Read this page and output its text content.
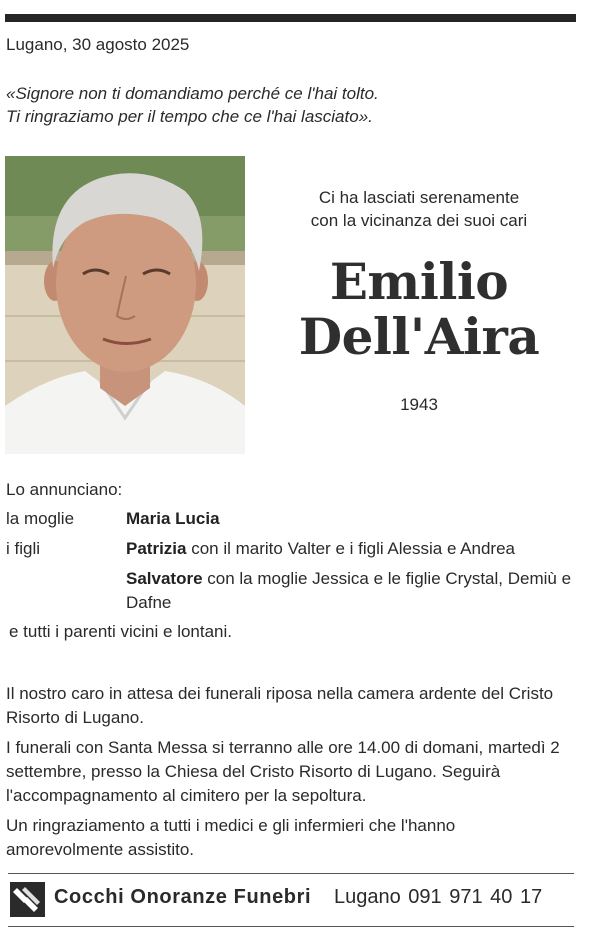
Lugano, 30 agosto 2025
«Signore non ti domandiamo perché ce l'hai tolto.
Ti ringraziamo per il tempo che ce l'hai lasciato».
Ci ha lasciati serenamente
con la vicinanza dei suoi cari
Emilio
Dell'Aira
1943
Lo annunciano:
la moglie	Maria Lucia
i figli	Patrizia con il marito Valter e i figli Alessia e Andrea
Salvatore con la moglie Jessica e le figlie Crystal, Demiù e Dafne
e tutti i parenti vicini e lontani.
Il nostro caro in attesa dei funerali riposa nella camera ardente del Cristo Risorto di Lugano.
I funerali con Santa Messa si terranno alle ore 14.00 di domani, martedì 2 settembre, presso la Chiesa del Cristo Risorto di Lugano. Seguirà l'accompagnamento al cimitero per la sepoltura.
Un ringraziamento a tutti i medici e gli infermieri che l'hanno amorevolmente assistito.
Cocchi Onoranze Funebri Lugano 091 971 40 17
